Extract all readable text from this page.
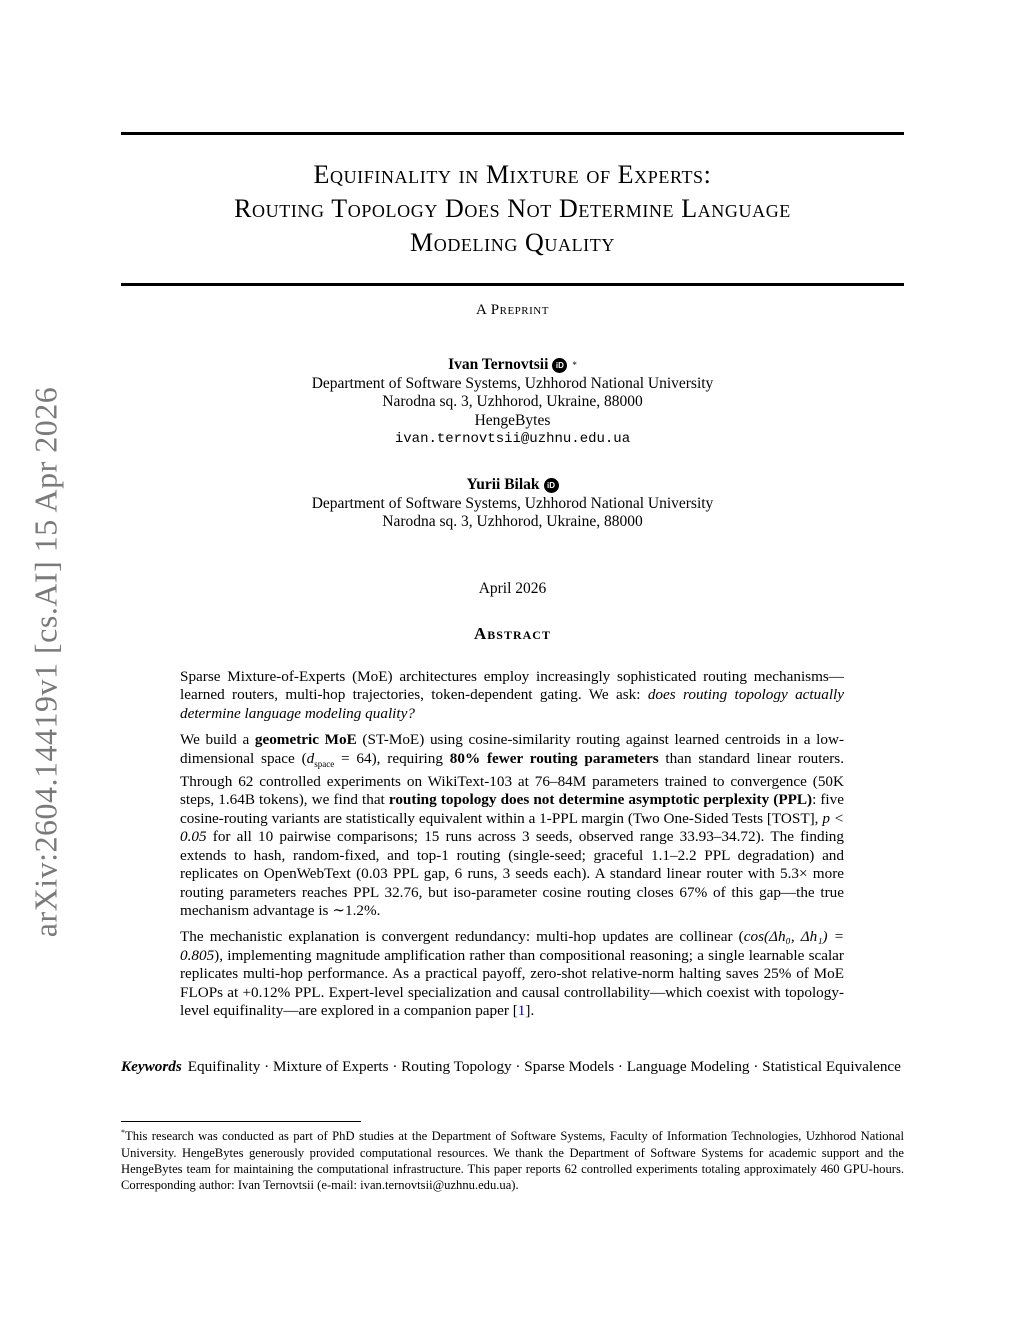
arXiv:2604.14419v1 [cs.AI] 15 Apr 2026
Equifinality in Mixture of Experts:
Routing Topology Does Not Determine Language
Modeling Quality
A Preprint
Ivan Ternovtsii iD *
Department of Software Systems, Uzhhorod National University
Narodna sq. 3, Uzhhorod, Ukraine, 88000
HengeBytes
ivan.ternovtsii@uzhnu.edu.ua
Yurii Bilak iD
Department of Software Systems, Uzhhorod National University
Narodna sq. 3, Uzhhorod, Ukraine, 88000
April 2026
Abstract

Sparse Mixture-of-Experts (MoE) architectures employ increasingly sophisticated routing mechanisms—learned routers, multi-hop trajectories, token-dependent gating. We ask: does routing topology actually determine language modeling quality?

We build a geometric MoE (ST-MoE) using cosine-similarity routing against learned centroids in a low-dimensional space $(d_{space} = 64)$, requiring 80% fewer routing parameters than standard linear routers. Through 62 controlled experiments on WikiText-103 at 76–84M parameters trained to convergence (50K steps, 1.64B tokens), we find that routing topology does not determine asymptotic perplexity (PPL): five cosine-routing variants are statistically equivalent within a 1-PPL margin (Two One-Sided Tests [TOST], p < 0.05 for all 10 pairwise comparisons; 15 runs across 3 seeds, observed range 33.93–34.72). The finding extends to hash, random-fixed, and top-1 routing (single-seed; graceful 1.1–2.2 PPL degradation) and replicates on OpenWebText (0.03 PPL gap, 6 runs, 3 seeds each). A standard linear router with 5.3× more routing parameters reaches PPL 32.76, but iso-parameter cosine routing closes 67% of this gap—the true mechanism advantage is ∼1.2%.

The mechanistic explanation is convergent redundancy: multi-hop updates are collinear (cos(Δh₀, Δh₁) = 0.805), implementing magnitude amplification rather than compositional reasoning; a single learnable scalar replicates multi-hop performance. As a practical payoff, zero-shot relative-norm halting saves 25% of MoE FLOPs at +0.12% PPL. Expert-level specialization and causal controllability—which coexist with topology-level equifinality—are explored in a companion paper [1].

Keywords Equifinality · Mixture of Experts · Routing Topology · Sparse Models · Language Modeling · Statistical Equivalence
*This research was conducted as part of PhD studies at the Department of Software Systems, Faculty of Information Technologies, Uzhhorod National University. HengeBytes generously provided computational resources. We thank the Department of Software Systems for academic support and the HengeBytes team for maintaining the computational infrastructure. This paper reports 62 controlled experiments totaling approximately 460 GPU-hours. Corresponding author: Ivan Ternovtsii (e-mail: ivan.ternovtsii@uzhnu.edu.ua).
